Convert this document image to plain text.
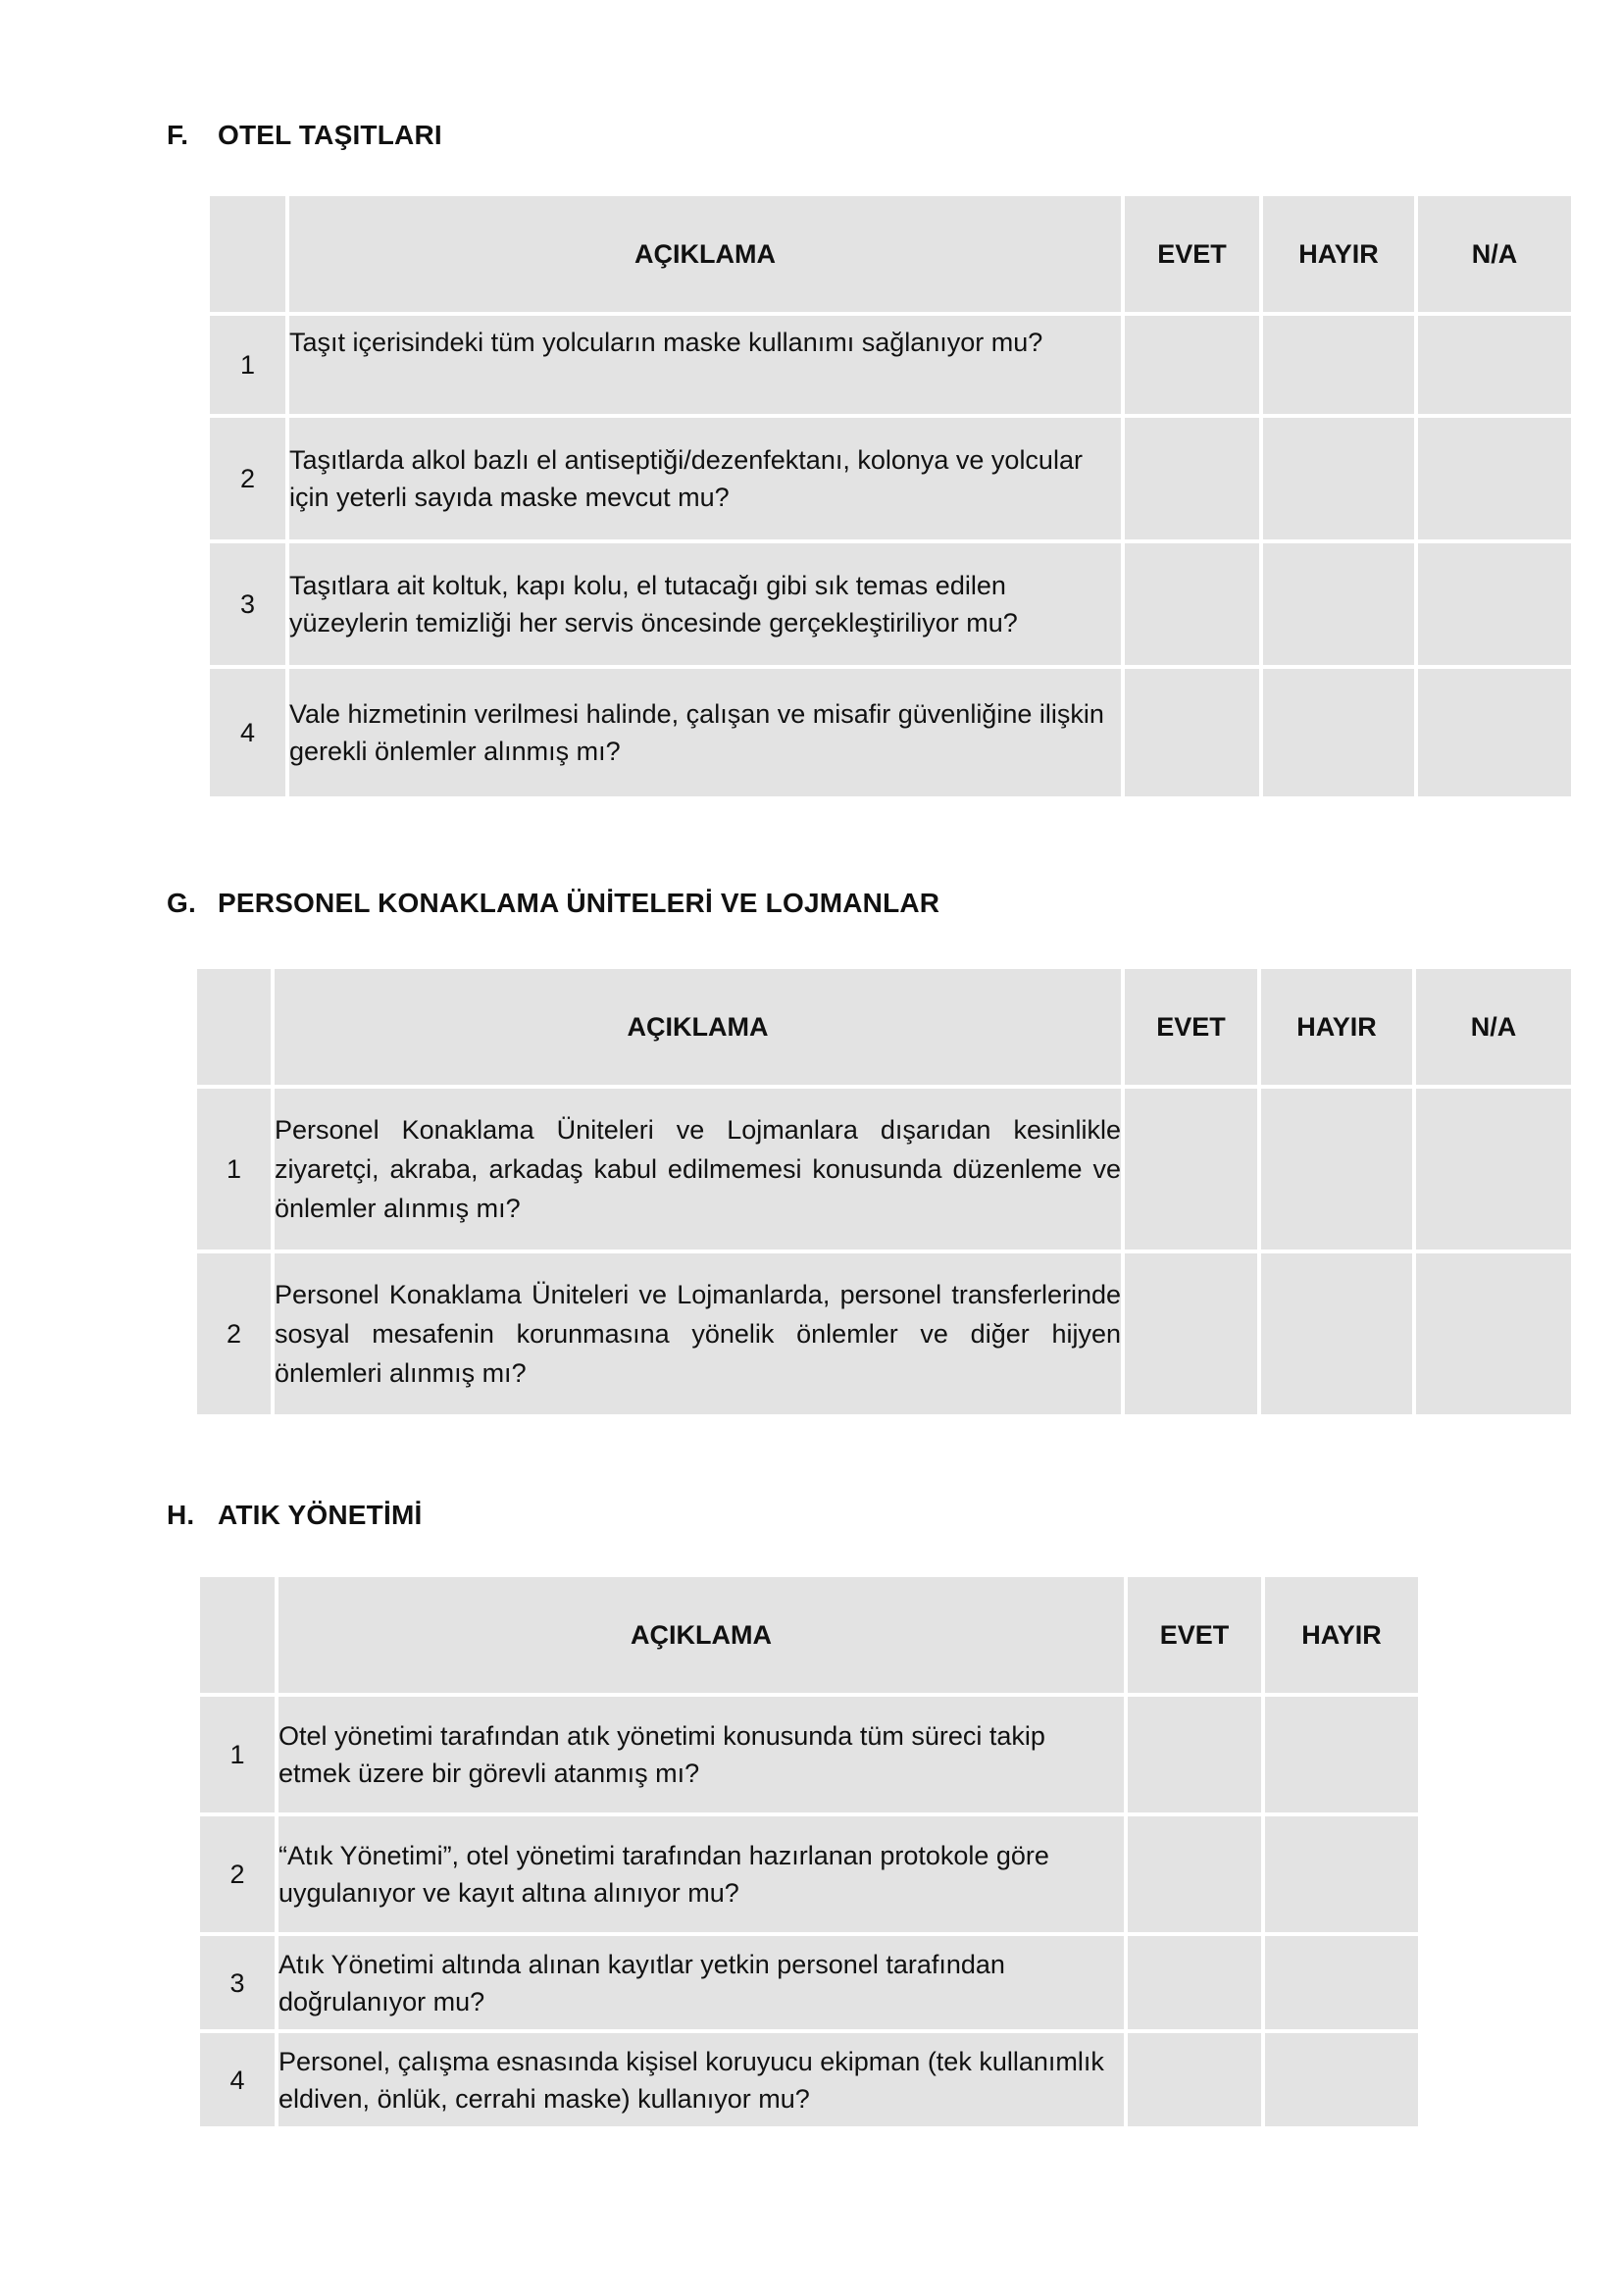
F. OTEL TAŞITLARI
	AÇIKLAMA	EVET	HAYIR	N/A
1	Taşıt içerisindeki tüm yolcuların maske kullanımı sağlanıyor mu?			
2	Taşıtlarda alkol bazlı el antiseptiği/dezenfektanı, kolonya ve yolcular için yeterli sayıda maske mevcut mu?			
3	Taşıtlara ait koltuk, kapı kolu, el tutacağı gibi sık temas edilen yüzeylerin temizliği her servis öncesinde gerçekleştiriliyor mu?			
4	Vale hizmetinin verilmesi halinde, çalışan ve misafir güvenliğine ilişkin gerekli önlemler alınmış mı?			
G. PERSONEL KONAKLAMA ÜNİTELERİ VE LOJMANLAR
	AÇIKLAMA	EVET	HAYIR	N/A
1	Personel Konaklama Üniteleri ve Lojmanlara dışarıdan kesinlikle ziyaretçi, akraba, arkadaş kabul edilmemesi konusunda düzenleme ve önlemler alınmış mı?			
2	Personel Konaklama Üniteleri ve Lojmanlarda, personel transferlerinde sosyal mesafenin korunmasına yönelik önlemler ve diğer hijyen önlemleri alınmış mı?			
H. ATIK YÖNETİMİ
	AÇIKLAMA	EVET	HAYIR
1	Otel yönetimi tarafından atık yönetimi konusunda tüm süreci takip etmek üzere bir görevli atanmış mı?		
2	“Atık Yönetimi”, otel yönetimi tarafından hazırlanan protokole göre uygulanıyor ve kayıt altına alınıyor mu?		
3	Atık Yönetimi altında alınan kayıtlar yetkin personel tarafından doğrulanıyor mu?		
4	Personel, çalışma esnasında kişisel koruyucu ekipman (tek kullanımlık eldiven, önlük, cerrahi maske) kullanıyor mu?		
